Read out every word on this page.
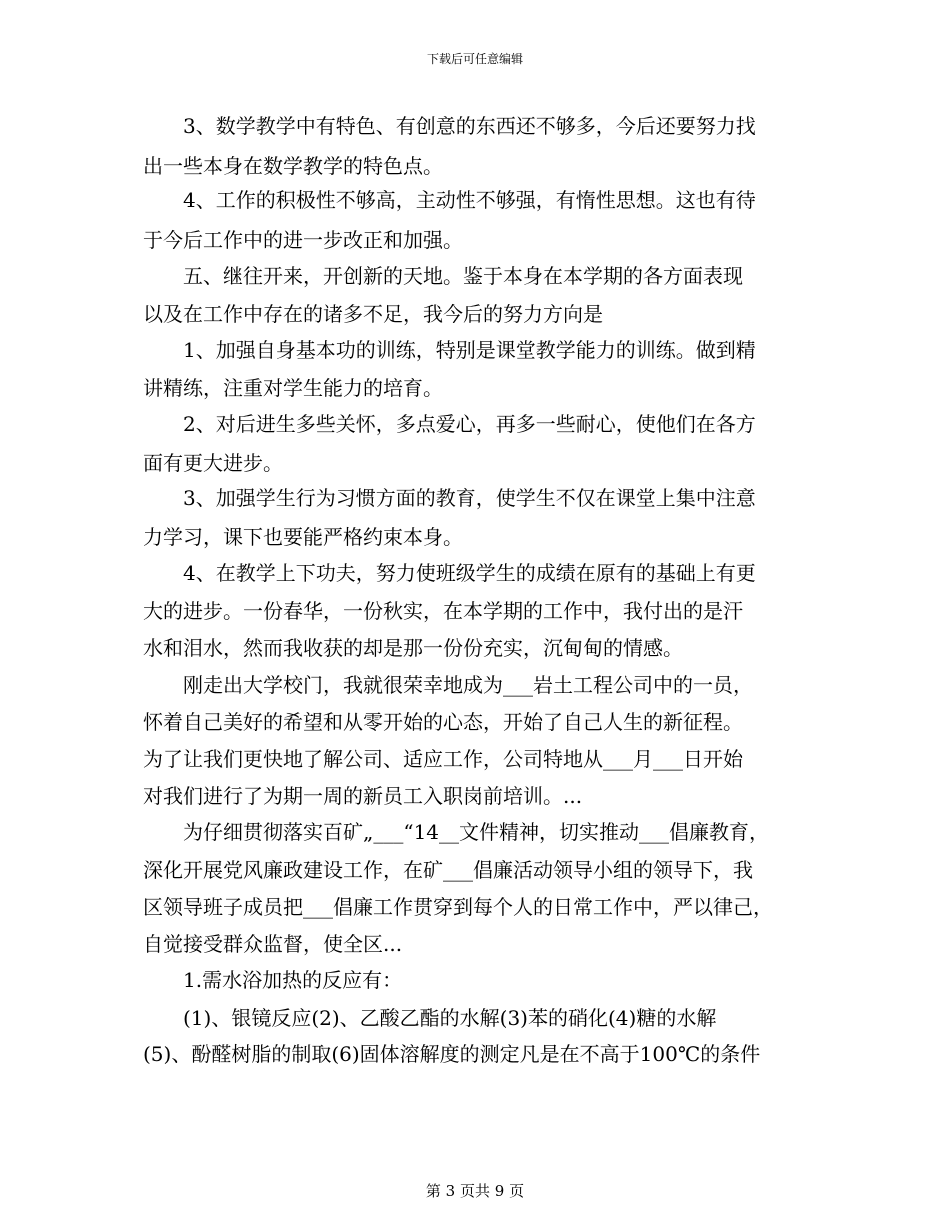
下载后可任意编辑
　　3、数学教学中有特色、有创意的东西还不够多，今后还要努力找
出一些本身在数学教学的特色点。
　　4、工作的积极性不够高，主动性不够强，有惰性思想。这也有待
于今后工作中的进一步改正和加强。
　　五、继往开来，开创新的天地。鉴于本身在本学期的各方面表现
以及在工作中存在的诸多不足，我今后的努力方向是
　　1、加强自身基本功的训练，特别是课堂教学能力的训练。做到精
讲精练，注重对学生能力的培育。
　　2、对后进生多些关怀，多点爱心，再多一些耐心，使他们在各方
面有更大进步。
　　3、加强学生行为习惯方面的教育，使学生不仅在课堂上集中注意
力学习，课下也要能严格约束本身。
　　4、在教学上下功夫，努力使班级学生的成绩在原有的基础上有更
大的进步。一份春华，一份秋实，在本学期的工作中，我付出的是汗
水和泪水，然而我收获的却是那一份份充实，沉甸甸的情感。
　　刚走出大学校门，我就很荣幸地成为___岩土工程公司中的一员，
怀着自己美好的希望和从零开始的心态，开始了自己人生的新征程。
为了让我们更快地了解公司、适应工作，公司特地从___月___日开始
对我们进行了为期一周的新员工入职岗前培训。...
　　为仔细贯彻落实百矿„___“14__文件精神，切实推动___倡廉教育，
深化开展党风廉政建设工作，在矿___倡廉活动领导小组的领导下，我
区领导班子成员把___倡廉工作贯穿到每个人的日常工作中，严以律己，
自觉接受群众监督，使全区...
　　1.需水浴加热的反应有：
　　(1)、银镜反应(2)、乙酸乙酯的水解(3)苯的硝化(4)糖的水解
(5)、酚醛树脂的制取(6)固体溶解度的测定凡是在不高于100℃的条件
第 3 页共 9 页
